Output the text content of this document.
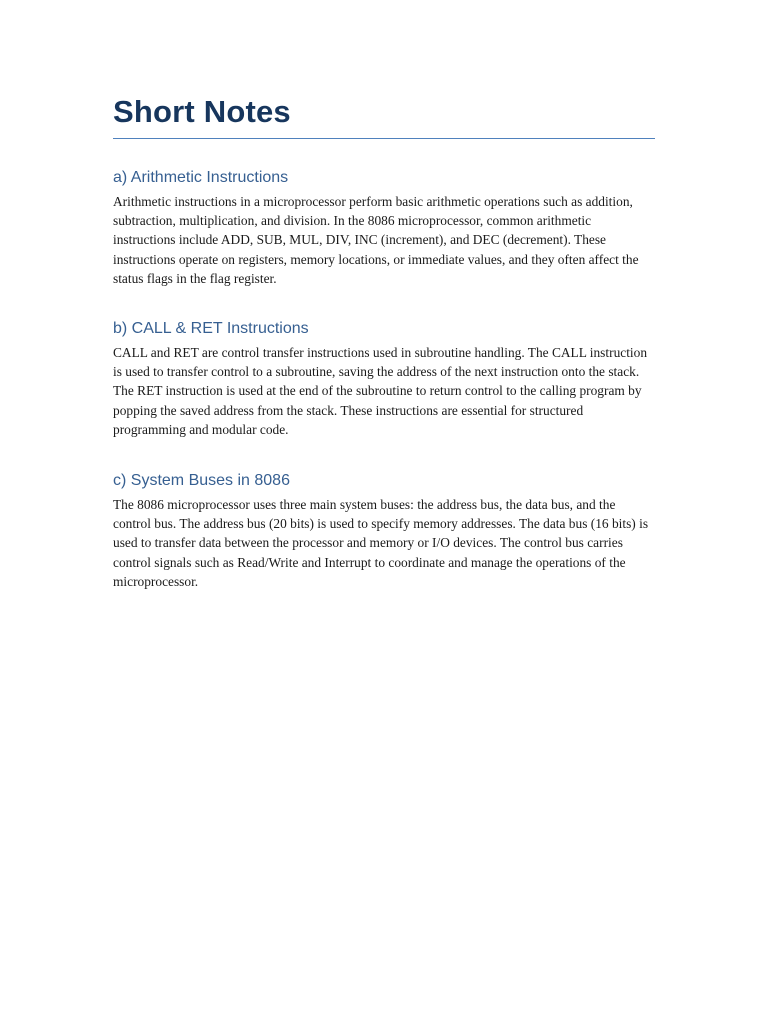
Short Notes
a) Arithmetic Instructions

Arithmetic instructions in a microprocessor perform basic arithmetic operations such as addition, subtraction, multiplication, and division. In the 8086 microprocessor, common arithmetic instructions include ADD, SUB, MUL, DIV, INC (increment), and DEC (decrement). These instructions operate on registers, memory locations, or immediate values, and they often affect the status flags in the flag register.

b) CALL & RET Instructions

CALL and RET are control transfer instructions used in subroutine handling. The CALL instruction is used to transfer control to a subroutine, saving the address of the next instruction onto the stack. The RET instruction is used at the end of the subroutine to return control to the calling program by popping the saved address from the stack. These instructions are essential for structured programming and modular code.

c) System Buses in 8086

The 8086 microprocessor uses three main system buses: the address bus, the data bus, and the control bus. The address bus (20 bits) is used to specify memory addresses. The data bus (16 bits) is used to transfer data between the processor and memory or I/O devices. The control bus carries control signals such as Read/Write and Interrupt to coordinate and manage the operations of the microprocessor.
